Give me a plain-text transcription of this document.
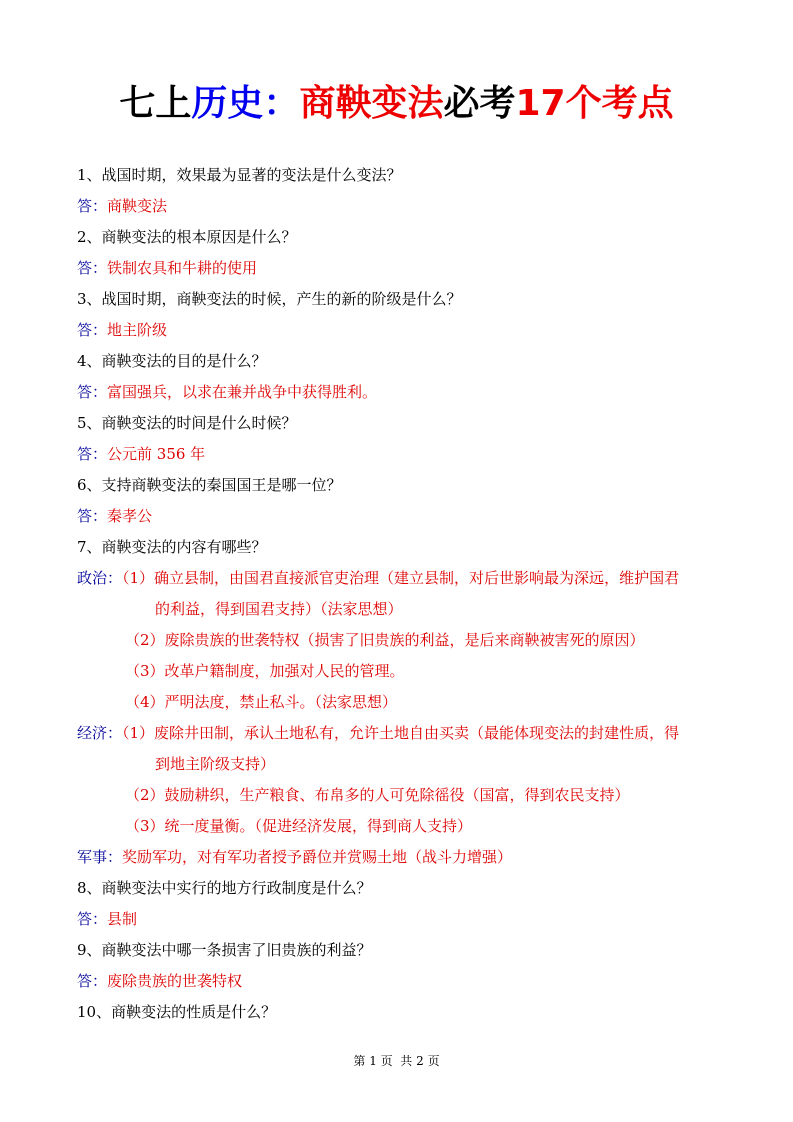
七上历史：商鞅变法必考17个考点
1、战国时期，效果最为显著的变法是什么变法？
答：商鞅变法
2、商鞅变法的根本原因是什么？
答：铁制农具和牛耕的使用
3、战国时期，商鞅变法的时候，产生的新的阶级是什么？
答：地主阶级
4、商鞅变法的目的是什么？
答：富国强兵，以求在兼并战争中获得胜利。
5、商鞅变法的时间是什么时候？
答：公元前 356 年
6、支持商鞅变法的秦国国王是哪一位？
答：秦孝公
7、商鞅变法的内容有哪些？
政治：（1）确立县制，由国君直接派官吏治理（建立县制，对后世影响最为深远，维护国君
的利益，得到国君支持）（法家思想）
（2）废除贵族的世袭特权（损害了旧贵族的利益，是后来商鞅被害死的原因）
（3）改革户籍制度，加强对人民的管理。
（4）严明法度，禁止私斗。（法家思想）
经济：（1）废除井田制，承认土地私有，允许土地自由买卖（最能体现变法的封建性质，得
到地主阶级支持）
（2）鼓励耕织，生产粮食、布帛多的人可免除徭役（国富，得到农民支持）
（3）统一度量衡。（促进经济发展，得到商人支持）
军事：奖励军功，对有军功者授予爵位并赏赐土地（战斗力增强）
8、商鞅变法中实行的地方行政制度是什么？
答：县制
9、商鞅变法中哪一条损害了旧贵族的利益？
答：废除贵族的世袭特权
10、商鞅变法的性质是什么？
第 1 页  共 2 页
